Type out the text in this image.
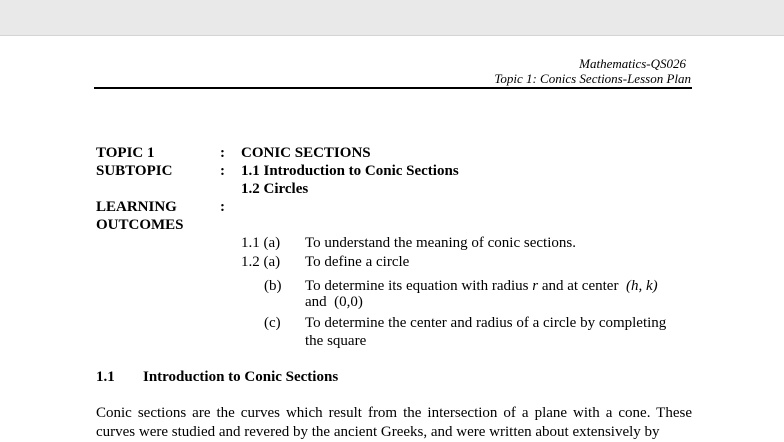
Mathematics-QS026
Topic 1: Conics Sections-Lesson Plan
TOPIC 1	: CONIC SECTIONS
SUBTOPIC	: 1.1 Introduction to Conic Sections
1.2 Circles
LEARNING	:
OUTCOMES
1.1 (a) To understand the meaning of conic sections.
1.2 (a) To define a circle
(b) To determine its equation with radius r and at center (h, k)
and (0,0)
(c) To determine the center and radius of a circle by completing
the square
1.1 Introduction to Conic Sections
Conic sections are the curves which result from the intersection of a plane with a cone. These curves were studied and revered by the ancient Greeks, and were written about extensively by
